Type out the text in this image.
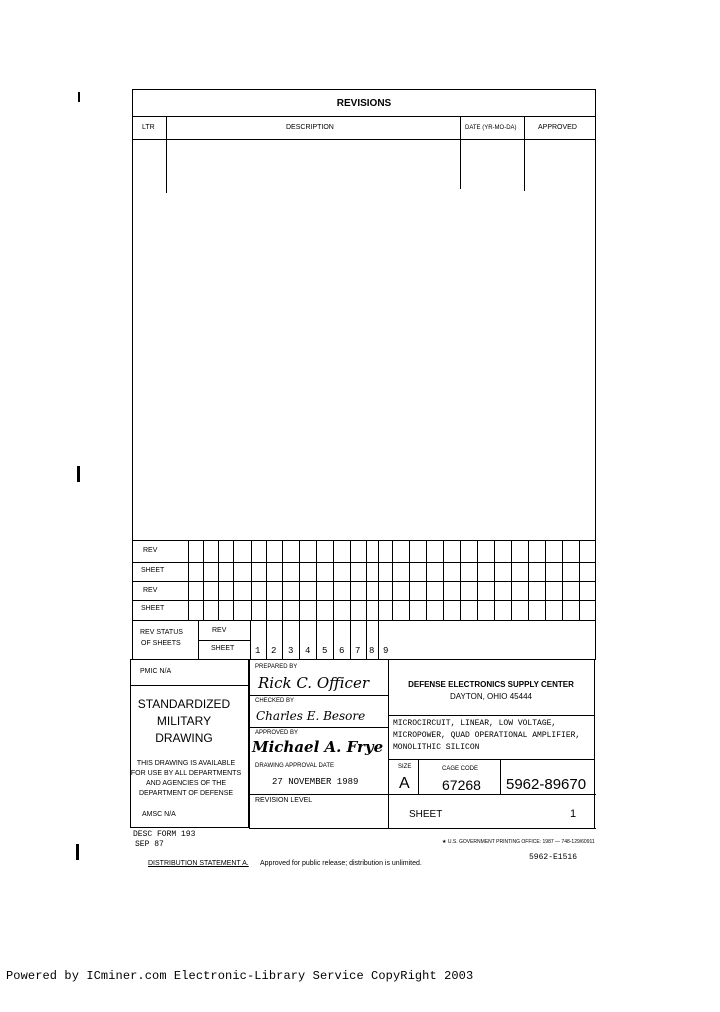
REVISIONS
LTR	DESCRIPTION	DATE (YR-MO-DA)	APPROVED
REV
SHEET
REV
SHEET
REV STATUS
OF SHEETS
REV
SHEET 1 2 3 4 5 6 7 8 9
PMIC N/A
STANDARDIZED
MILITARY
DRAWING
THIS DRAWING IS AVAILABLE
FOR USE BY ALL DEPARTMENTS
AND AGENCIES OF THE
DEPARTMENT OF DEFENSE
AMSC N/A
PREPARED BY
Rick C. Officer
CHECKED BY
Charles E. Besore
APPROVED BY
Michael A. Frye
DRAWING APPROVAL DATE
27 NOVEMBER 1989
REVISION LEVEL
DEFENSE ELECTRONICS SUPPLY CENTER
DAYTON, OHIO 45444
MICROCIRCUIT, LINEAR, LOW VOLTAGE,
MICROPOWER, QUAD OPERATIONAL AMPLIFIER,
MONOLITHIC SILICON
SIZE
A
CAGE CODE
67268 5962-89670
SHEET	1
DESC FORM 193
SEP 87	★ U.S. GOVERNMENT PRINTING OFFICE: 1987 — 748-129/60911
DISTRIBUTION STATEMENT A. Approved for public release; distribution is unlimited.
5962-E1516
Powered by ICminer.com Electronic-Library Service CopyRight 2003
